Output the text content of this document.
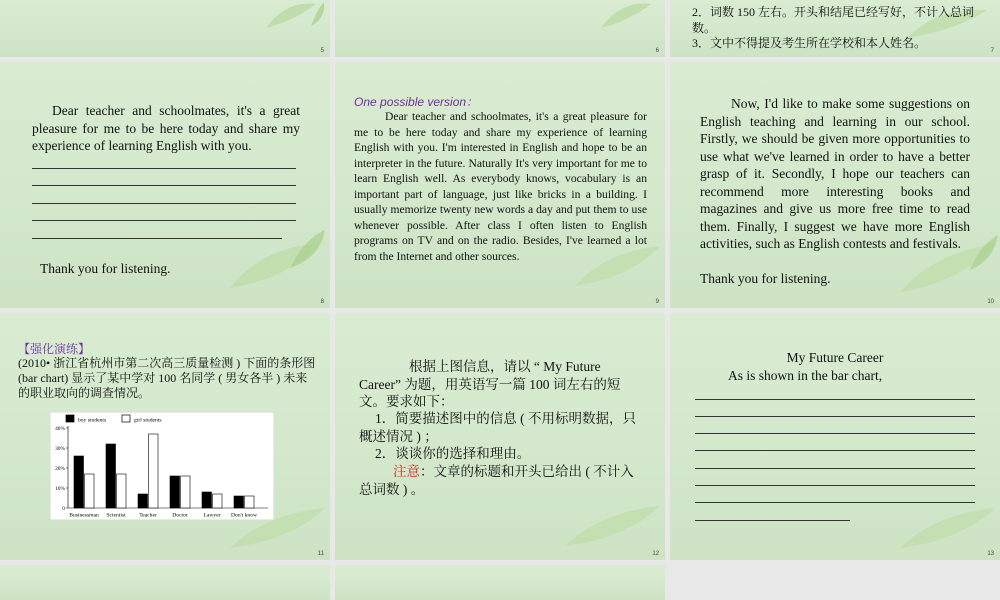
5	6
2．词数 150 左右。开头和结尾已经写好，不计入总词数。
3．文中不得提及考生所在学校和本人姓名。
7
Dear teacher and schoolmates, it's a great pleasure for me to be here today and share my experience of learning English with you.
Thank you for listening.
8
One possible version：
Dear teacher and schoolmates, it's a great pleasure for me to be here today and share my experience of learning English with you. I'm interested in English and hope to be an interpreter in the future. Naturally It's very important for me to learn English well. As everybody knows, vocabulary is an important part of language, just like bricks in a building. I usually memorize twenty new words a day and put them to use whenever possible. After class I often listen to English programs on TV and on the radio. Besides, I've learned a lot from the Internet and other sources.
9
Now, I'd like to make some suggestions on English teaching and learning in our school. Firstly, we should be given more opportunities to use what we've learned in order to have a better grasp of it. Secondly, I hope our teachers can recommend more interesting books and magazines and give us more free time to read them. Finally, I suggest we have more English activities, such as English contests and festivals.
Thank you for listening.
10
【强化演练】
(2010• 浙江省杭州市第二次高三质量检测 ) 下面的条形图 (bar chart) 显示了某中学对 100 名同学 ( 男女各半 ) 未来的职业取向的调查情况。
boy students	girl students
0
10%
20%
30%
40%
Businessman Scientist Teacher	Doctor	Lawyer Don't know
11
根据上图信息，请以 “ My Future Career” 为题，用英语写一篇 100 词左右的短文。要求如下：
1．简要描述图中的信息 ( 不用标明数据，只概述情况 ) ；
2．谈谈你的选择和理由。
注意：文章的标题和开头已给出 ( 不计入总词数 ) 。
12
My Future Career
As is shown in the bar chart,
13
